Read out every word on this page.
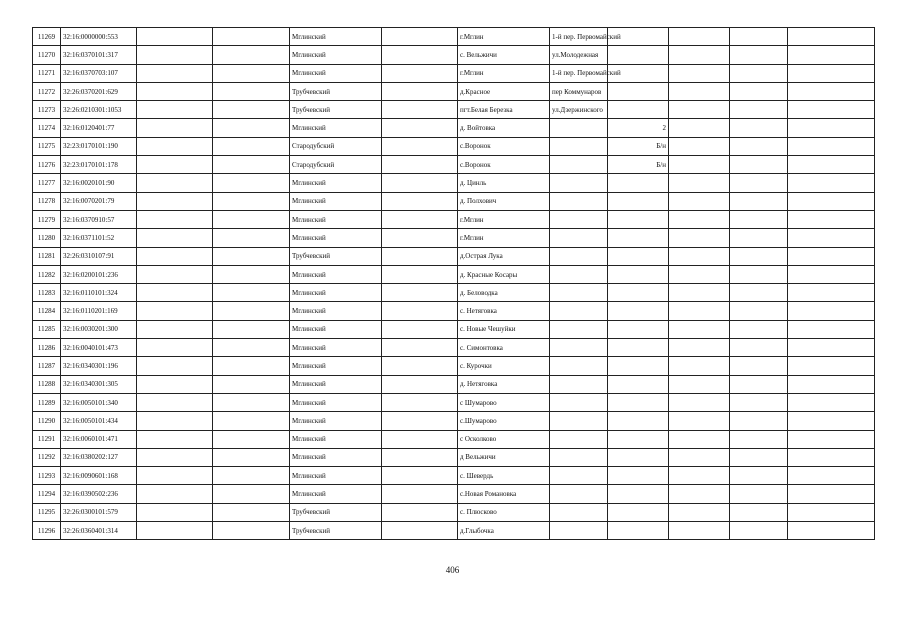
11269	32:16:0000000:553			Мглинский		г.Мглин	1-й пер. Первомайский				
11270	32:16:0370101:317			Мглинский		с. Вельжичи	ул.Молодежная				
11271	32:16:0370703:107			Мглинский		г.Мглин	1-й пер. Первомайский				
11272	32:26:0370201:629			Трубчевский		д.Красное	пер Коммунаров				
11273	32:26:0210301:1053			Трубчевский		пгт.Белая Березка	ул.Дзержинского				
11274	32:16:0120401:77			Мглинский		д. Войтовка		2			
11275	32:23:0170101:190			Стародубский		с.Воронок		Б/н			
11276	32:23:0170101:178			Стародубский		с.Воронок		Б/н			
11277	32:16:0020101:90			Мглинский		д. Цинль					
11278	32:16:0070201:79			Мглинский		д. Полхович					
11279	32:16:0370910:57			Мглинский		г.Мглин					
11280	32:16:0371101:52			Мглинский		г.Мглин					
11281	32:26:0310107:91			Трубчевский		д.Острая Лука					
11282	32:16:0200101:236			Мглинский		д. Красные Косары					
11283	32:16:0110101:324			Мглинский		д. Беловодка					
11284	32:16:0110201:169			Мглинский		с. Нетяговка					
11285	32:16:0030201:300			Мглинский		с. Новые Чешуйки					
11286	32:16:0040101:473			Мглинский		с. Симонтовка					
11287	32:16:0340301:196			Мглинский		с. Курочки					
11288	32:16:0340301:305			Мглинский		д. Нетяговка					
11289	32:16:0050101:340			Мглинский		с Шумарово					
11290	32:16:0050101:434			Мглинский		с.Шумарово					
11291	32:16:0060101:471			Мглинский		с Осколково					
11292	32:16:0380202:127			Мглинский		д Вельжичи					
11293	32:16:0090601:168			Мглинский		с. Шевердь					
11294	32:16:0390502:236			Мглинский		с.Новая Романовка					
11295	32:26:0300101:579			Трубчевский		с. Плюсково					
11296	32:26:0360401:314			Трубчевский		д.Глыбочка					
406
